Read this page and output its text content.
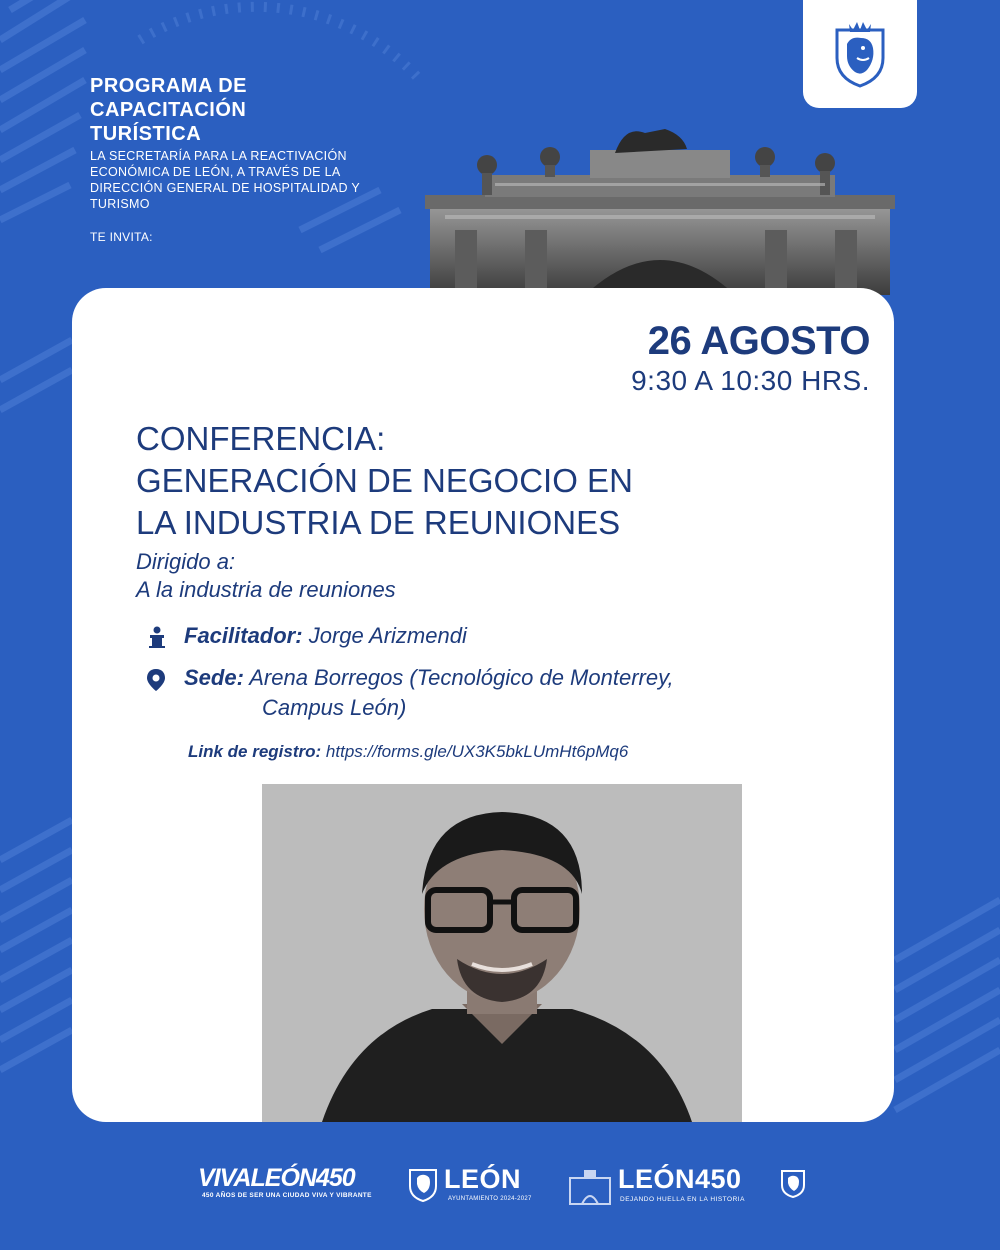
PROGRAMA DE CAPACITACIÓN TURÍSTICA
LA SECRETARÍA PARA LA REACTIVACIÓN ECONÓMICA DE LEÓN, A TRAVÉS DE LA DIRECCIÓN GENERAL DE HOSPITALIDAD Y TURISMO
TE INVITA:
26 AGOSTO
9:30 A 10:30 HRS.
CONFERENCIA:
GENERACIÓN DE NEGOCIO EN
LA INDUSTRIA DE REUNIONES
Dirigido a:
A la industria de reuniones
Facilitador: Jorge Arizmendi
Sede: Arena Borregos (Tecnológico de Monterrey,
Campus León)
Link de registro: https://forms.gle/UX3K5bkLUmHt6pMq6
VIVALEÓN450
450 AÑOS DE SER UNA CIUDAD VIVA Y VIBRANTE
LEÓN
AYUNTAMIENTO 2024-2027
LEÓN450
DEJANDO HUELLA EN LA HISTORIA
